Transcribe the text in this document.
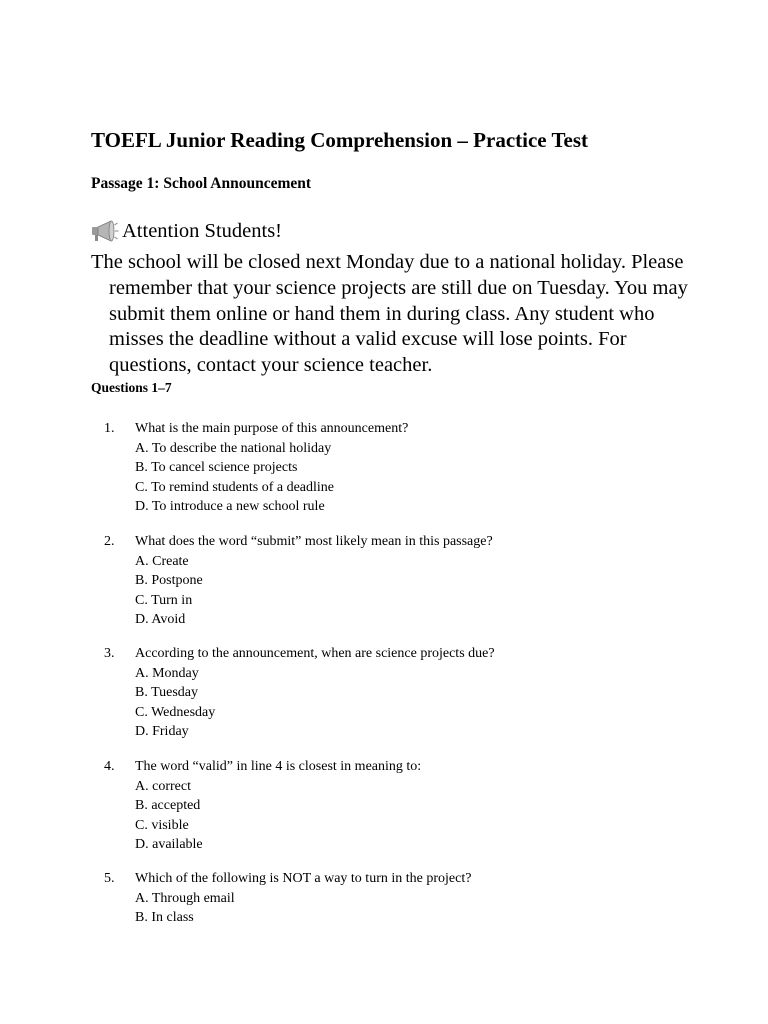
TOEFL Junior Reading Comprehension – Practice Test
Passage 1: School Announcement
Attention Students!
The school will be closed next Monday due to a national holiday. Please remember that your science projects are still due on Tuesday. You may submit them online or hand them in during class. Any student who misses the deadline without a valid excuse will lose points. For questions, contact your science teacher.
Questions 1–7
1. What is the main purpose of this announcement?
A. To describe the national holiday
B. To cancel science projects
C. To remind students of a deadline
D. To introduce a new school rule
2. What does the word “submit” most likely mean in this passage?
A. Create
B. Postpone
C. Turn in
D. Avoid
3. According to the announcement, when are science projects due?
A. Monday
B. Tuesday
C. Wednesday
D. Friday
4. The word “valid” in line 4 is closest in meaning to:
A. correct
B. accepted
C. visible
D. available
5. Which of the following is NOT a way to turn in the project?
A. Through email
B. In class
